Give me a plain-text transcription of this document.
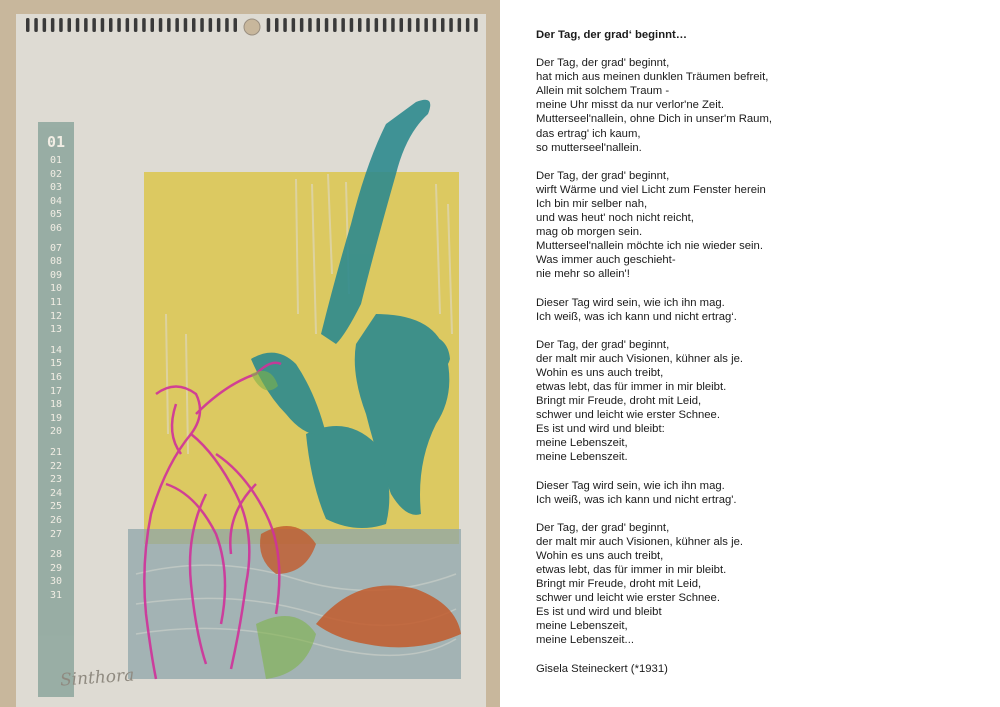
01
01
02
03
04
05
06
07
08
09
10
11
12
13
14
15
16
17
18
19
20
21
22
23
24
25
26
27
28
29
30
31
Sinthora
Der Tag, der grad‘ beginnt…
Der Tag, der grad' beginnt,
hat mich aus meinen dunklen Träumen befreit,
Allein mit solchem Traum -
meine Uhr misst da nur verlor'ne Zeit.
Mutterseel'nallein, ohne Dich in unser'm Raum,
das ertrag' ich kaum,
so mutterseel'nallein.
Der Tag, der grad' beginnt,
wirft Wärme und viel Licht zum Fenster herein
Ich bin mir selber nah,
und was heut' noch nicht reicht,
mag ob morgen sein.
Mutterseel'nallein möchte ich nie wieder sein.
Was immer auch geschieht-
nie mehr so allein'!
Dieser Tag wird sein, wie ich ihn mag.
Ich weiß, was ich kann und nicht ertrag‘.
Der Tag, der grad' beginnt,
der malt mir auch Visionen, kühner als je.
Wohin es uns auch treibt,
etwas lebt, das für immer in mir bleibt.
Bringt mir Freude, droht mit Leid,
schwer und leicht wie erster Schnee.
Es ist und wird und bleibt:
meine Lebenszeit,
meine Lebenszeit.
Dieser Tag wird sein, wie ich ihn mag.
Ich weiß, was ich kann und nicht ertrag'.
Der Tag, der grad' beginnt,
der malt mir auch Visionen, kühner als je.
Wohin es uns auch treibt,
etwas lebt, das für immer in mir bleibt.
Bringt mir Freude, droht mit Leid,
schwer und leicht wie erster Schnee.
Es ist und wird und bleibt
meine Lebenszeit,
meine Lebenszeit...
Gisela Steineckert (*1931)
